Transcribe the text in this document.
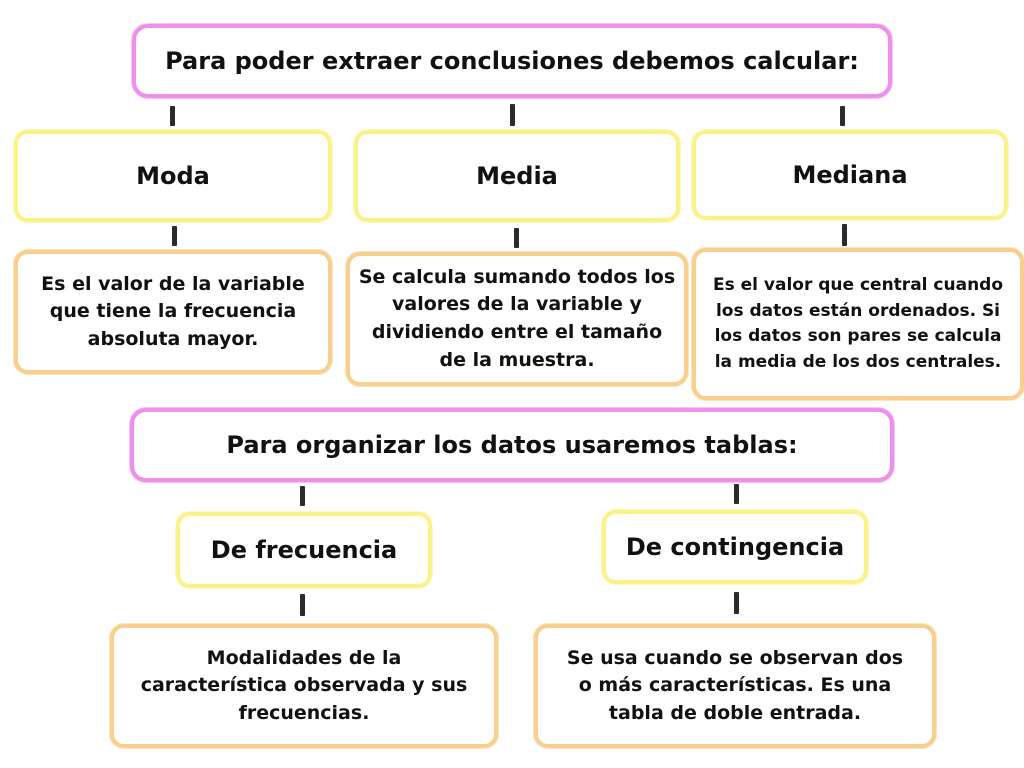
Para poder extraer conclusiones debemos calcular:
Moda	Media	Mediana
Es el valor de la variable que tiene la frecuencia absoluta mayor.
Se calcula sumando todos los valores de la variable y dividiendo entre el tamaño de la muestra.
Es el valor que central cuando los datos están ordenados. Si los datos son pares se calcula la media de los dos centrales.
Para organizar los datos usaremos tablas:
De frecuencia	De contingencia
Modalidades de la característica observada y sus frecuencias.
Se usa cuando se observan dos o más características. Es una tabla de doble entrada.
